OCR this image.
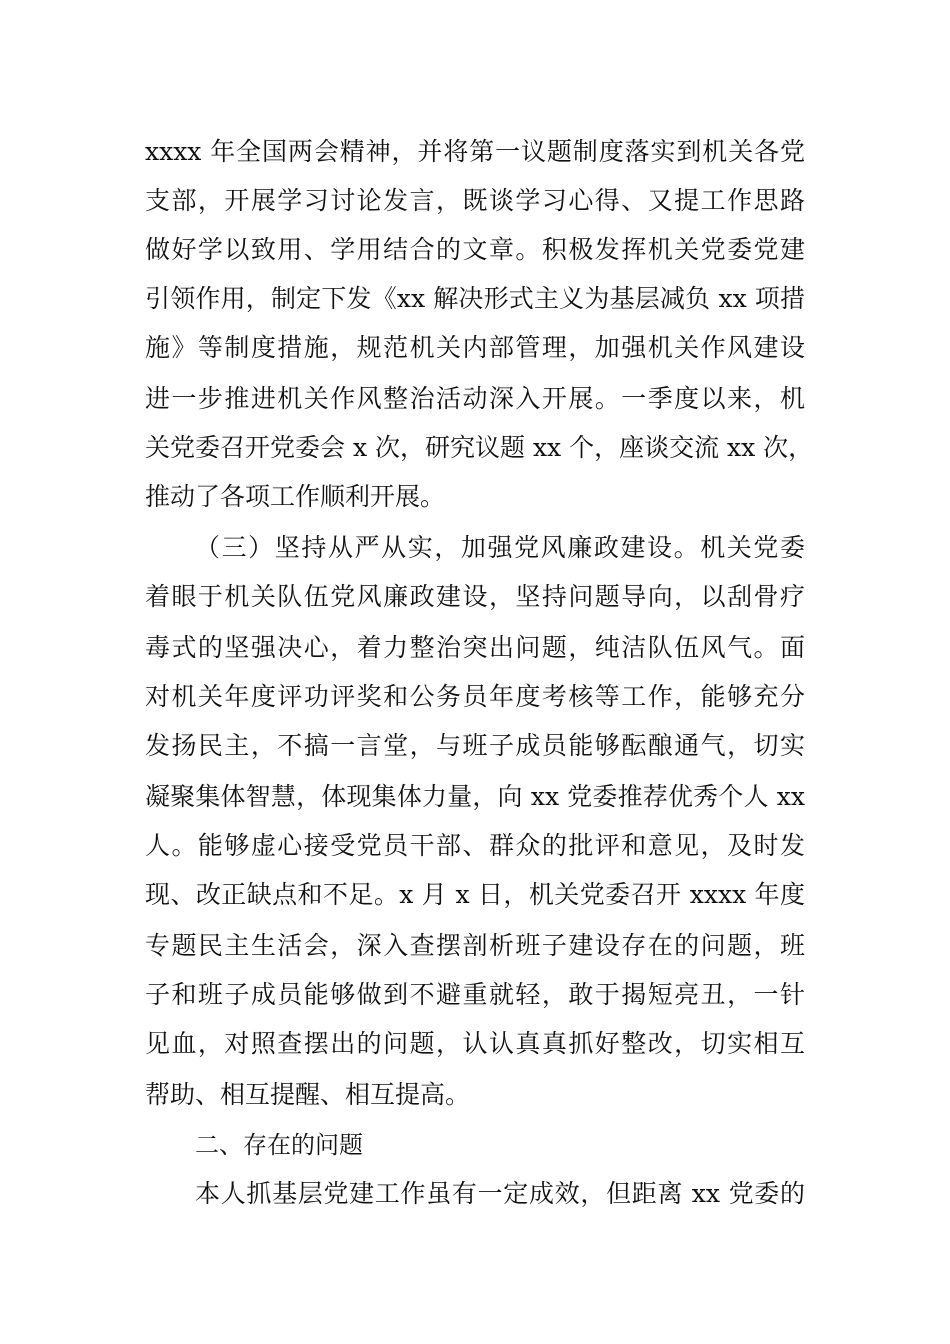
xxxx 年全国两会精神，并将第一议题制度落实到机关各党
支部，开展学习讨论发言，既谈学习心得、又提工作思路
做好学以致用、学用结合的文章。积极发挥机关党委党建
引领作用，制定下发《xx 解决形式主义为基层减负 xx 项措
施》等制度措施，规范机关内部管理，加强机关作风建设
进一步推进机关作风整治活动深入开展。一季度以来，机
关党委召开党委会 x 次，研究议题 xx 个，座谈交流 xx 次，
推动了各项工作顺利开展。
（三）坚持从严从实，加强党风廉政建设。机关党委
着眼于机关队伍党风廉政建设，坚持问题导向，以刮骨疗
毒式的坚强决心，着力整治突出问题，纯洁队伍风气。面
对机关年度评功评奖和公务员年度考核等工作，能够充分
发扬民主，不搞一言堂，与班子成员能够酝酿通气，切实
凝聚集体智慧，体现集体力量，向 xx 党委推荐优秀个人 xx
人。能够虚心接受党员干部、群众的批评和意见，及时发
现、改正缺点和不足。x 月 x 日，机关党委召开 xxxx 年度
专题民主生活会，深入查摆剖析班子建设存在的问题，班
子和班子成员能够做到不避重就轻，敢于揭短亮丑，一针
见血，对照查摆出的问题，认认真真抓好整改，切实相互
帮助、相互提醒、相互提高。
二、存在的问题
本人抓基层党建工作虽有一定成效，但距离 xx 党委的
